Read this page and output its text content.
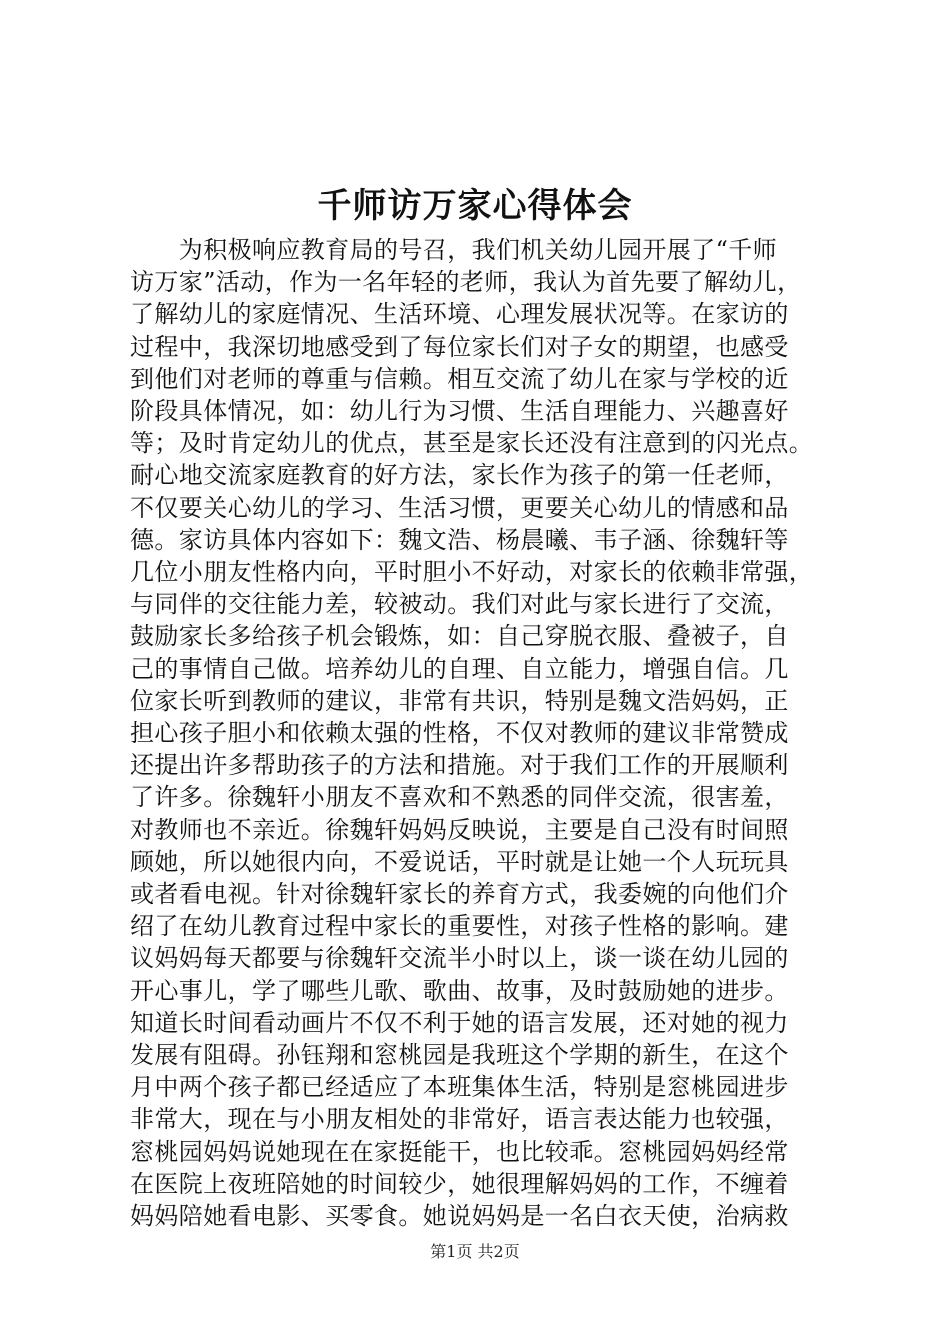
千师访万家心得体会
　　为积极响应教育局的号召，我们机关幼儿园开展了“千师
访万家”活动，作为一名年轻的老师，我认为首先要了解幼儿，
了解幼儿的家庭情况、生活环境、心理发展状况等。在家访的
过程中，我深切地感受到了每位家长们对子女的期望，也感受
到他们对老师的尊重与信赖。相互交流了幼儿在家与学校的近
阶段具体情况，如：幼儿行为习惯、生活自理能力、兴趣喜好
等；及时肯定幼儿的优点，甚至是家长还没有注意到的闪光点。
耐心地交流家庭教育的好方法，家长作为孩子的第一任老师，
不仅要关心幼儿的学习、生活习惯，更要关心幼儿的情感和品
德。家访具体内容如下：魏文浩、杨晨曦、韦子涵、徐魏轩等
几位小朋友性格内向，平时胆小不好动，对家长的依赖非常强，
与同伴的交往能力差，较被动。我们对此与家长进行了交流，
鼓励家长多给孩子机会锻炼，如：自己穿脱衣服、叠被子，自
己的事情自己做。培养幼儿的自理、自立能力，增强自信。几
位家长听到教师的建议，非常有共识，特别是魏文浩妈妈，正
担心孩子胆小和依赖太强的性格，不仅对教师的建议非常赞成
还提出许多帮助孩子的方法和措施。对于我们工作的开展顺利
了许多。徐魏轩小朋友不喜欢和不熟悉的同伴交流，很害羞，
对教师也不亲近。徐魏轩妈妈反映说，主要是自己没有时间照
顾她，所以她很内向，不爱说话，平时就是让她一个人玩玩具
或者看电视。针对徐魏轩家长的养育方式，我委婉的向他们介
绍了在幼儿教育过程中家长的重要性，对孩子性格的影响。建
议妈妈每天都要与徐魏轩交流半小时以上，谈一谈在幼儿园的
开心事儿，学了哪些儿歌、歌曲、故事，及时鼓励她的进步。
知道长时间看动画片不仅不利于她的语言发展，还对她的视力
发展有阻碍。孙钰翔和窓桃园是我班这个学期的新生，在这个
月中两个孩子都已经适应了本班集体生活，特别是窓桃园进步
非常大，现在与小朋友相处的非常好，语言表达能力也较强，
窓桃园妈妈说她现在在家挺能干，也比较乖。窓桃园妈妈经常
在医院上夜班陪她的时间较少，她很理解妈妈的工作，不缠着
妈妈陪她看电影、买零食。她说妈妈是一名白衣天使，治病救
第1页 共2页
